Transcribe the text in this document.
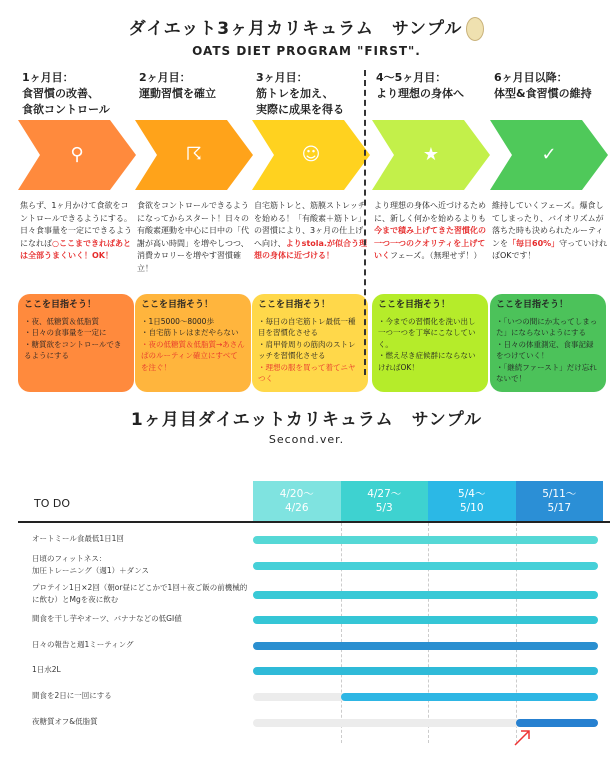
ダイエット3ヶ月カリキュラム　サンプル
OATS DIET PROGRAM "FIRST".
1ヶ月目：
食習慣の改善、
食欲コントロール
⚲
焦らず、1ヶ月かけて食欲をコントロールできるようにする。日々食事量を一定にできるようになれば○ここまできればあとは全部うまくいく！OK！
ここを目指そう！
・夜、低糖質＆低脂質
・日々の食事量を一定に
・糖質欲をコントロールできるようにする
2ヶ月目：
運動習慣を確立
☈
食欲をコントロールできるようになってからスタート！日々の有酸素運動を中心に日中の「代謝が高い時間」を増やしつつ、消費カロリーを増やす習慣確立！
ここを目指そう！
・1日5000〜8000歩
・自宅筋トレはまだやらない
・夜の低糖質＆低脂質→あさんぱのルーティン確立にすべてを注ぐ！
3ヶ月目：
筋トレを加え、
実際に成果を得る
☺
自宅筋トレと、筋膜ストレッチを始める！「有酸素＋筋トレ」の習慣により、3ヶ月の仕上げへ向け、よりstola.が似合う理想の身体に近づける！
ここを目指そう！
・毎日の自宅筋トレ最低一種目を習慣化させる
・肩甲骨周りの筋肉のストレッチを習慣化させる
・理想の服を買って着てニヤつく
4〜5ヶ月目：
より理想の身体へ
★
より理想の身体へ近づけるために、新しく何かを始めるよりも今まで積み上げてきた習慣化の一つ一つのクオリティを上げていくフェーズ。（無理せず！）
ここを目指そう！
・今までの習慣化を洗い出し一つ一つを丁寧にこなしていく。
・燃え尽き症候群にならないければOK！
6ヶ月目以降：
体型&食習慣の維持
✓
維持していくフェーズ。爆食してしまったり、バイオリズムが落ちた時も決められたルーティンを「毎日60%」守っていければOKです！
ここを目指そう！
・「いつの間にか太ってしまった」にならないようにする
・日々の体重測定、食事記録をつけていく！
・「継続ファースト」だけ忘れないで！
1ヶ月目ダイエットカリキュラム　サンプル
Second.ver.
TO DO
4/20〜
4/26
4/27〜
5/3
5/4〜
5/10
5/11〜
5/17
オートミール食最低1日1回
日頃のフィットネス：
加圧トレーニング（週1）＋ダンス
プロテイン1日×2回（朝or昼にどこかで1回＋夜ご飯の前機械的に飲む）とMgを夜に飲む
間食を干し芋やオーツ、バナナなどの低GI値
日々の報告と週1ミーティング
1日水2L
間食を2日に一回にする
夜糖質オフ&低脂質
